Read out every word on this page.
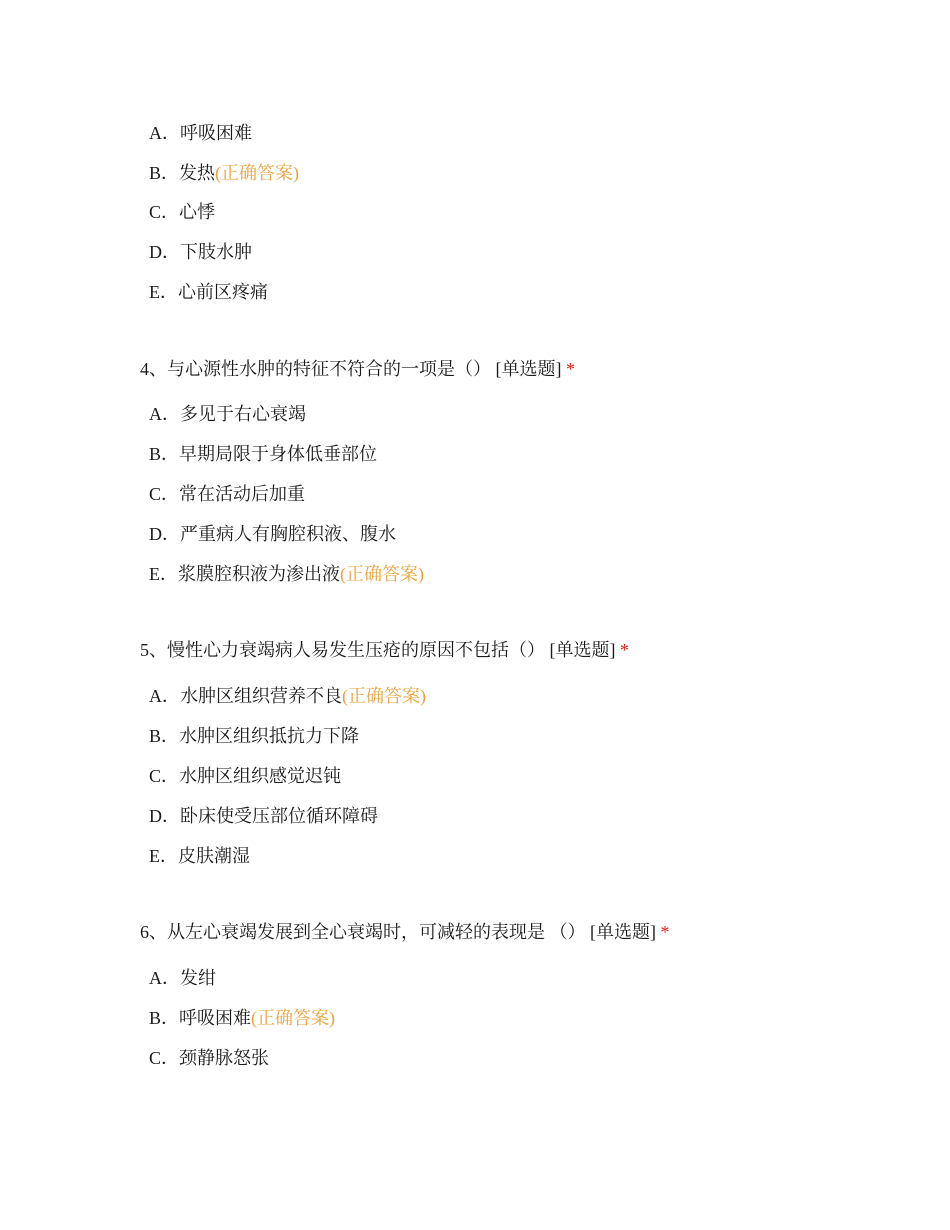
A．呼吸困难
B．发热(正确答案)
C．心悸
D．下肢水肿
E．心前区疼痛
4、与心源性水肿的特征不符合的一项是（） [单选题] *
A．多见于右心衰竭
B．早期局限于身体低垂部位
C．常在活动后加重
D．严重病人有胸腔积液、腹水
E．浆膜腔积液为渗出液(正确答案)
5、慢性心力衰竭病人易发生压疮的原因不包括（） [单选题] *
A．水肿区组织营养不良(正确答案)
B．水肿区组织抵抗力下降
C．水肿区组织感觉迟钝
D．卧床使受压部位循环障碍
E．皮肤潮湿
6、从左心衰竭发展到全心衰竭时，可减轻的表现是 （） [单选题] *
A．发绀
B．呼吸困难(正确答案)
C．颈静脉怒张
